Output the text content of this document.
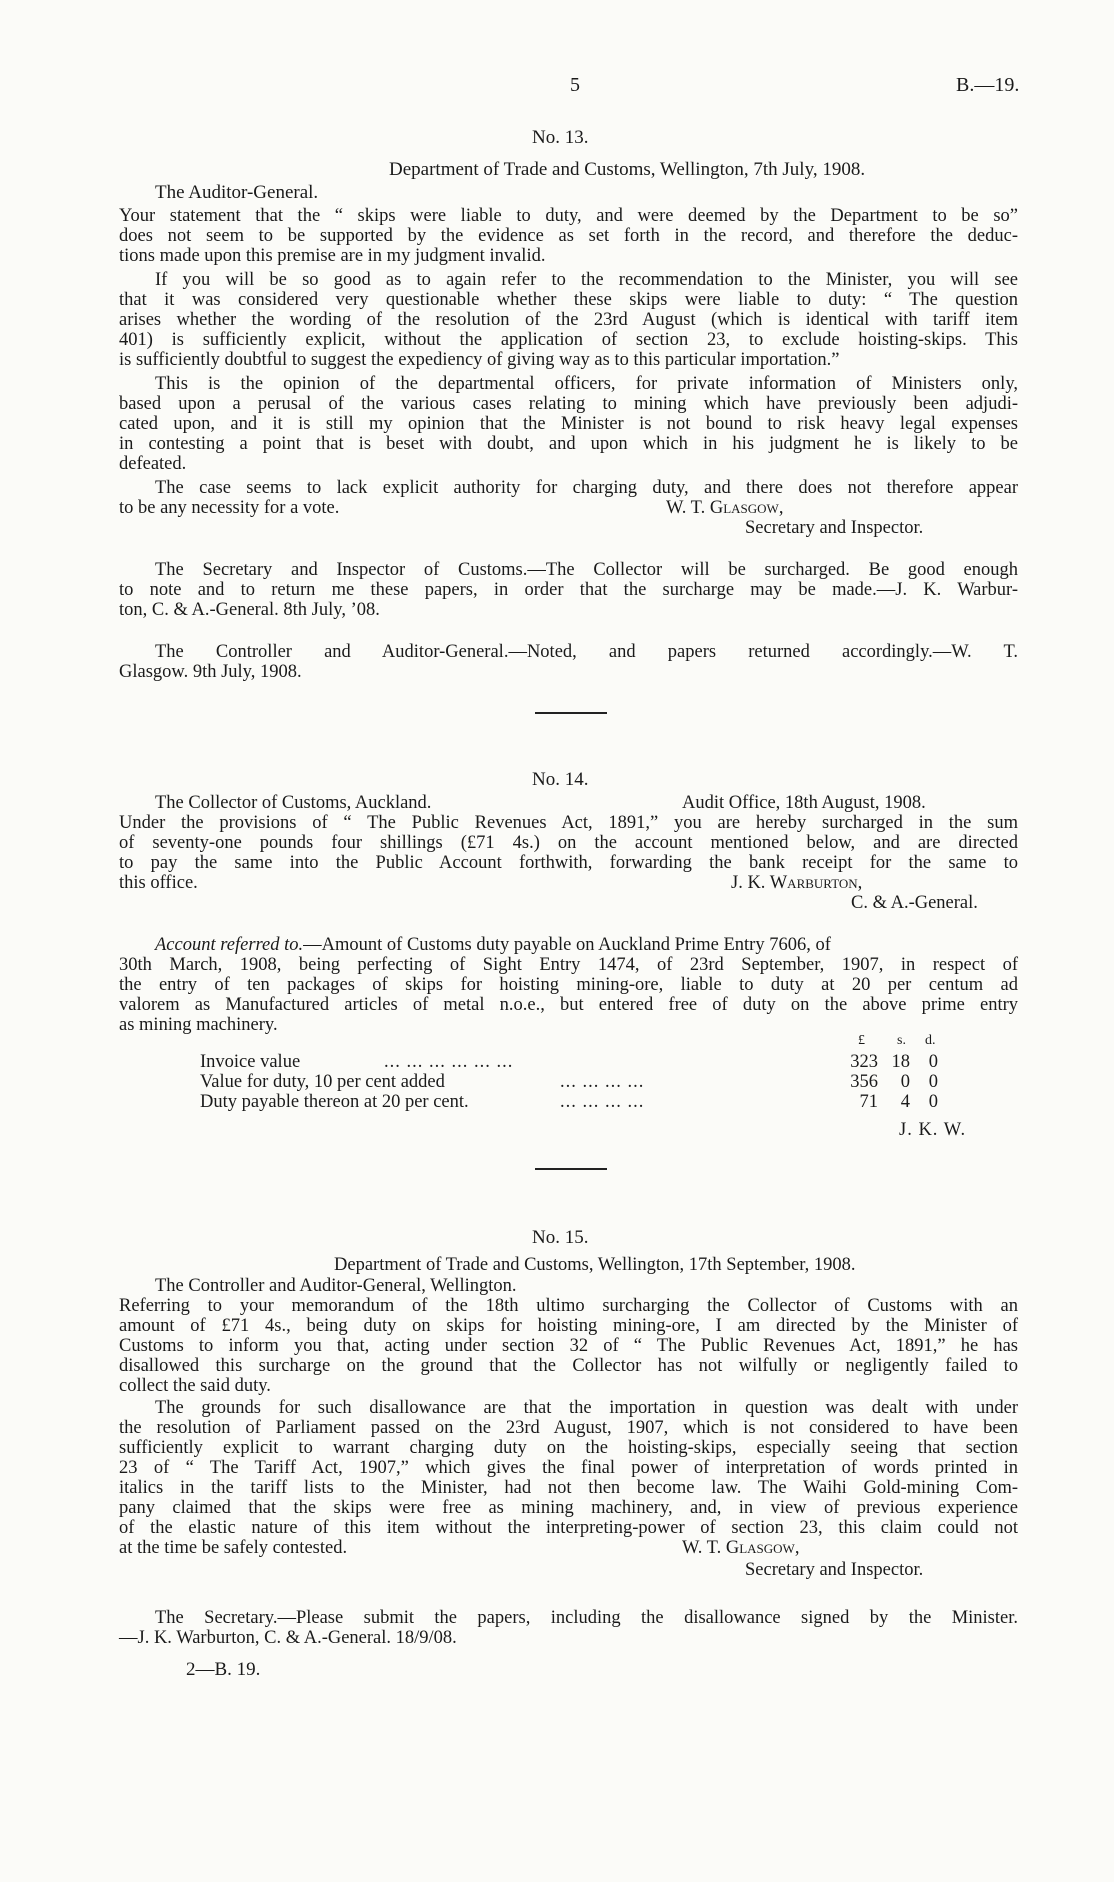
5	B.—19.
No. 13.
Department of Trade and Customs, Wellington, 7th July, 1908.
The Auditor-General.
Your statement that the “ skips were liable to duty, and were deemed by the Department to be so”
does not seem to be supported by the evidence as set forth in the record, and therefore the deduc-
tions made upon this premise are in my judgment invalid.
If you will be so good as to again refer to the recommendation to the Minister, you will see
that it was considered very questionable whether these skips were liable to duty: “ The question
arises whether the wording of the resolution of the 23rd August (which is identical with tariff item
401) is sufficiently explicit, without the application of section 23, to exclude hoisting-skips. This
is sufficiently doubtful to suggest the expediency of giving way as to this particular importation.”
This is the opinion of the departmental officers, for private information of Ministers only,
based upon a perusal of the various cases relating to mining which have previously been adjudi-
cated upon, and it is still my opinion that the Minister is not bound to risk heavy legal expenses
in contesting a point that is beset with doubt, and upon which in his judgment he is likely to be
defeated.
The case seems to lack explicit authority for charging duty, and there does not therefore appear
to be any necessity for a vote.	W. T. Glasgow,
Secretary and Inspector.
The Secretary and Inspector of Customs.—The Collector will be surcharged. Be good enough
to note and to return me these papers, in order that the surcharge may be made.—J. K. Warbur-
ton, C. & A.-General. 8th July, ’08.
The Controller and Auditor-General.—Noted, and papers returned accordingly.—W. T.
Glasgow. 9th July, 1908.
No. 14.
The Collector of Customs, Auckland.	Audit Office, 18th August, 1908.
Under the provisions of “ The Public Revenues Act, 1891,” you are hereby surcharged in the sum
of seventy-one pounds four shillings (£71 4s.) on the account mentioned below, and are directed
to pay the same into the Public Account forthwith, forwarding the bank receipt for the same to
this office.	J. K. Warburton,
C. & A.-General.
Account referred to.—Amount of Customs duty payable on Auckland Prime Entry 7606, of
30th March, 1908, being perfecting of Sight Entry 1474, of 23rd September, 1907, in respect of
the entry of ten packages of skips for hoisting mining-ore, liable to duty at 20 per centum ad
valorem as Manufactured articles of metal n.o.e., but entered free of duty on the above prime entry
as mining machinery.
£ s. d.
Invoice value	... ... ... ... ... ...	323 18	0
Value for duty, 10 per cent added	... ... ... ...	356	0	0
Duty payable thereon at 20 per cent.	... ... ... ...	71	4	0
J. K. W.
No. 15.
Department of Trade and Customs, Wellington, 17th September, 1908.
The Controller and Auditor-General, Wellington.
Referring to your memorandum of the 18th ultimo surcharging the Collector of Customs with an
amount of £71 4s., being duty on skips for hoisting mining-ore, I am directed by the Minister of
Customs to inform you that, acting under section 32 of “ The Public Revenues Act, 1891,” he has
disallowed this surcharge on the ground that the Collector has not wilfully or negligently failed to
collect the said duty.
The grounds for such disallowance are that the importation in question was dealt with under
the resolution of Parliament passed on the 23rd August, 1907, which is not considered to have been
sufficiently explicit to warrant charging duty on the hoisting-skips, especially seeing that section
23 of “ The Tariff Act, 1907,” which gives the final power of interpretation of words printed in
italics in the tariff lists to the Minister, had not then become law. The Waihi Gold-mining Com-
pany claimed that the skips were free as mining machinery, and, in view of previous experience
of the elastic nature of this item without the interpreting-power of section 23, this claim could not
at the time be safely contested.	W. T. Glasgow,
Secretary and Inspector.
The Secretary.—Please submit the papers, including the disallowance signed by the Minister.
—J. K. Warburton, C. & A.-General. 18/9/08.
2—B. 19.
